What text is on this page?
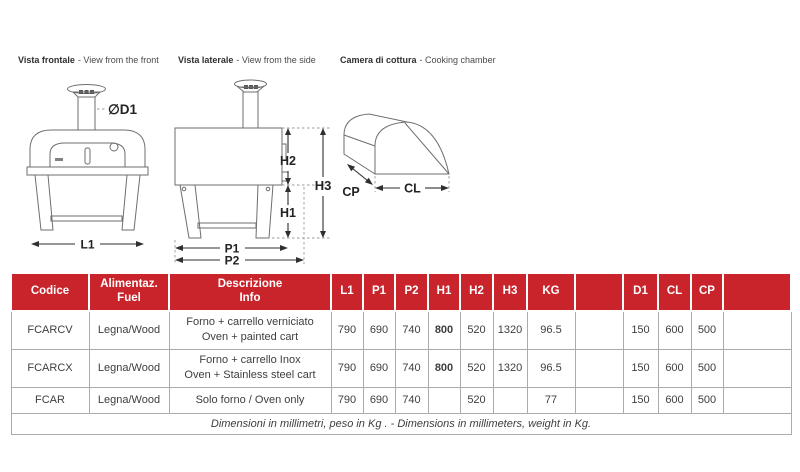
Vista frontale - View from the front Vista laterale - View from the side	Camera di cottura - Cooking chamber
∅D1
L1
H2
H1
H3
P1
P2
CP	CL
Codice	Alimentaz.
Fuel	Descrizione
Info	L1	P1	P2	H1	H2	H3	KG		D1	CL	CP	
FCARCV	Legna/Wood	Forno + carrello verniciato
Oven + painted cart	790	690	740	800	520	1320	96.5		150	600	500	
FCARCX	Legna/Wood	Forno + carrello Inox
Oven + Stainless steel cart	790	690	740	800	520	1320	96.5		150	600	500	
FCAR	Legna/Wood	Solo forno / Oven only	790	690	740		520		77		150	600	500	
Dimensioni in millimetri, peso in Kg . - Dimensions in millimeters, weight in Kg.														
